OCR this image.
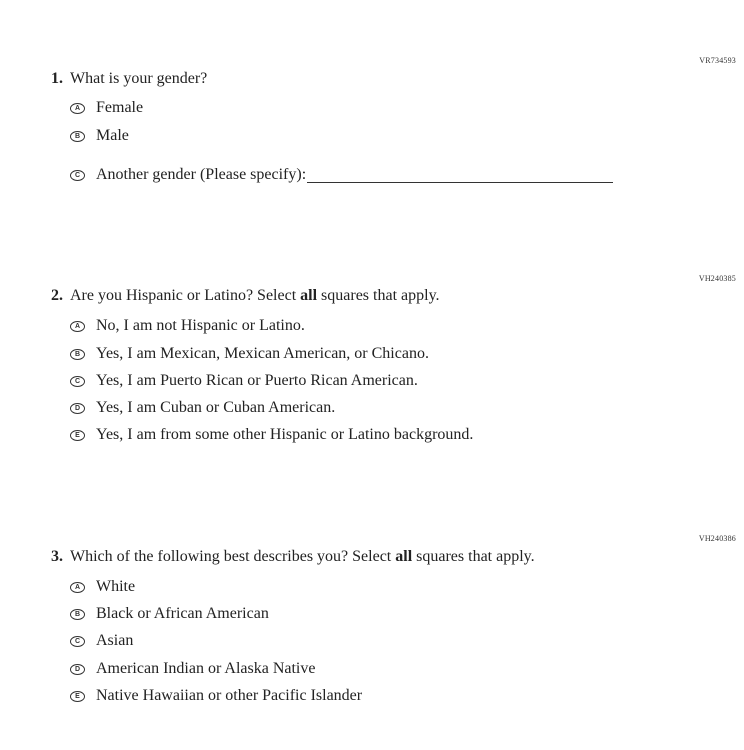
VR734593
1. What is your gender?
A Female
B Male
C Another gender (Please specify):
VH240385
2. Are you Hispanic or Latino? Select all squares that apply.
A No, I am not Hispanic or Latino.
B Yes, I am Mexican, Mexican American, or Chicano.
C Yes, I am Puerto Rican or Puerto Rican American.
D Yes, I am Cuban or Cuban American.
E	Yes, I am from some other Hispanic or Latino background.
VH240386
3. Which of the following best describes you? Select all squares that apply.
A White
B Black or African American
C Asian
D American Indian or Alaska Native
E	Native Hawaiian or other Pacific Islander
